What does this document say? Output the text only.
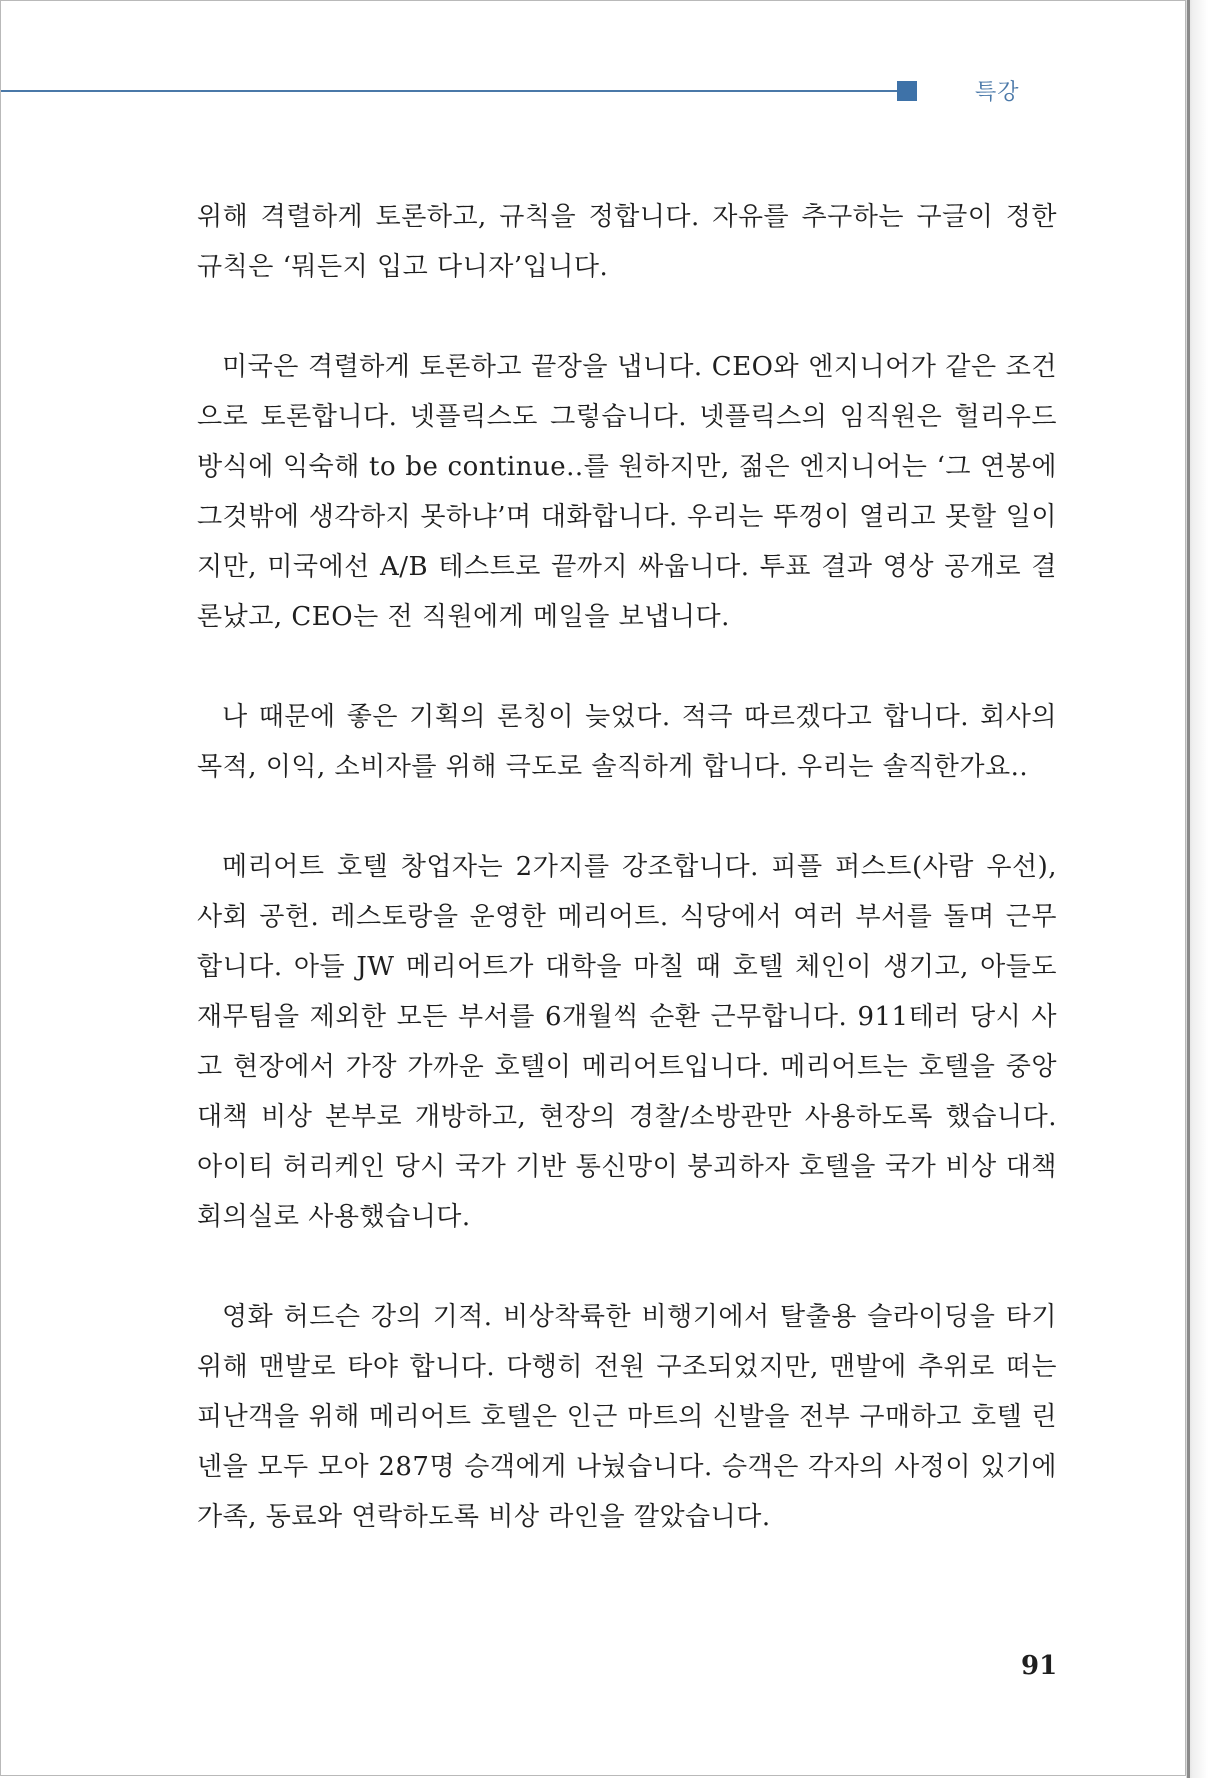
특강

위해 격렬하게 토론하고, 규칙을 정합니다. 자유를 추구하는 구글이 정한 규칙은 ‘뭐든지 입고 다니자’입니다.

미국은 격렬하게 토론하고 끝장을 냅니다. CEO와 엔지니어가 같은 조건으로 토론합니다. 넷플릭스도 그렇습니다. 넷플릭스의 임직원은 헐리우드 방식에 익숙해 to be continue..를 원하지만, 젊은 엔지니어는 ‘그 연봉에 그것밖에 생각하지 못하냐’며 대화합니다. 우리는 뚜껑이 열리고 못할 일이지만, 미국에선 A/B 테스트로 끝까지 싸웁니다. 투표 결과 영상 공개로 결론났고, CEO는 전 직원에게 메일을 보냅니다.

나 때문에 좋은 기획의 론칭이 늦었다. 적극 따르겠다고 합니다. 회사의 목적, 이익, 소비자를 위해 극도로 솔직하게 합니다. 우리는 솔직한가요..

메리어트 호텔 창업자는 2가지를 강조합니다. 피플 퍼스트(사람 우선), 사회 공헌. 레스토랑을 운영한 메리어트. 식당에서 여러 부서를 돌며 근무합니다. 아들 JW 메리어트가 대학을 마칠 때 호텔 체인이 생기고, 아들도 재무팀을 제외한 모든 부서를 6개월씩 순환 근무합니다. 911테러 당시 사고 현장에서 가장 가까운 호텔이 메리어트입니다. 메리어트는 호텔을 중앙 대책 비상 본부로 개방하고, 현장의 경찰/소방관만 사용하도록 했습니다. 아이티 허리케인 당시 국가 기반 통신망이 붕괴하자 호텔을 국가 비상 대책 회의실로 사용했습니다.

영화 허드슨 강의 기적. 비상착륙한 비행기에서 탈출용 슬라이딩을 타기 위해 맨발로 타야 합니다. 다행히 전원 구조되었지만, 맨발에 추위로 떠는 피난객을 위해 메리어트 호텔은 인근 마트의 신발을 전부 구매하고 호텔 린넨을 모두 모아 287명 승객에게 나눴습니다. 승객은 각자의 사정이 있기에 가족, 동료와 연락하도록 비상 라인을 깔았습니다.

91
